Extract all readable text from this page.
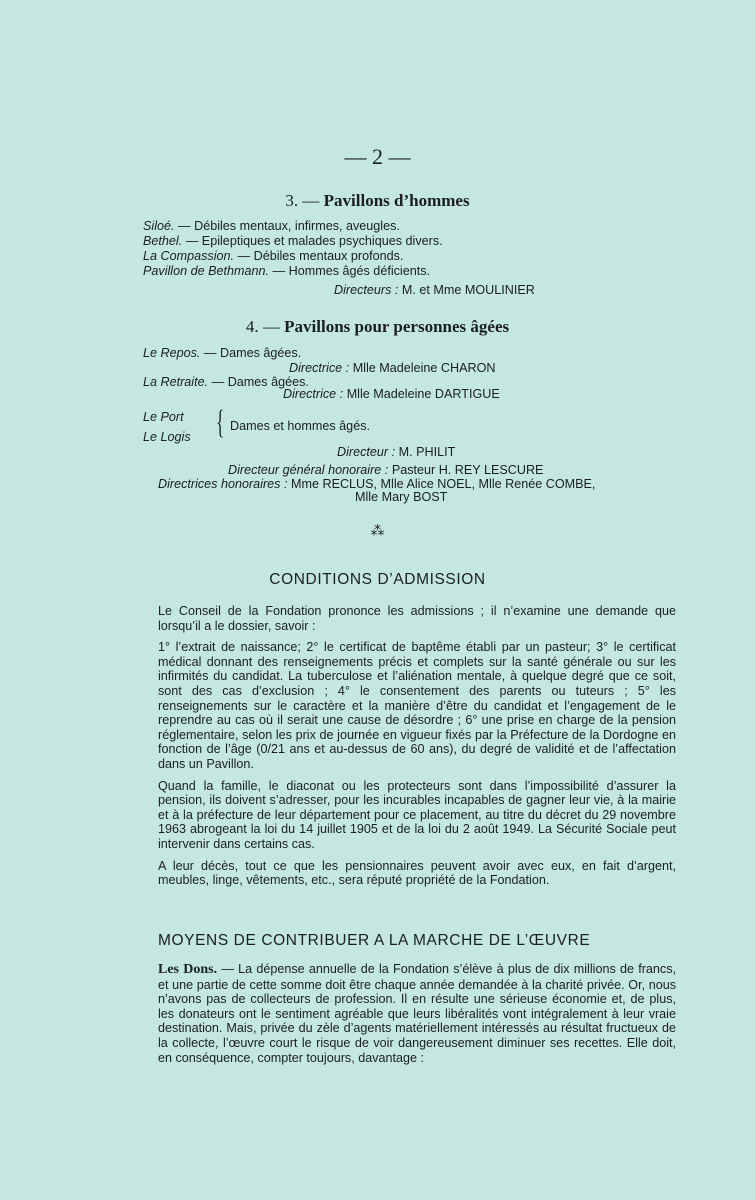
— 2 —
3. — Pavillons d’hommes
Siloé. — Débiles mentaux, infirmes, aveugles.
Bethel. — Epileptiques et malades psychiques divers.
La Compassion. — Débiles mentaux profonds.
Pavillon de Bethmann. — Hommes âgés déficients.
Directeurs : M. et Mme MOULINIER
4. — Pavillons pour personnes âgées
Le Repos. — Dames âgées.
Directrice : Mlle Madeleine CHARON
La Retraite. — Dames âgées.
Directrice : Mlle Madeleine DARTIGUE
Le Port
Le Logis { Dames et hommes âgés.
Directeur : M. PHILIT
Directeur général honoraire : Pasteur H. REY LESCURE
Directrices honoraires : Mme RECLUS, Mlle Alice NOEL, Mlle Renée COMBE,
Mlle Mary BOST
⁂
CONDITIONS D’ADMISSION

Le Conseil de la Fondation prononce les admissions ; il n’examine une demande que lorsqu’il a le dossier, savoir :

1° l’extrait de naissance; 2° le certificat de baptême établi par un pasteur; 3° le certificat médical donnant des renseignements précis et complets sur la santé générale ou sur les infirmités du candidat. La tuberculose et l’aliénation mentale, à quelque degré que ce soit, sont des cas d’exclusion ; 4° le consentement des parents ou tuteurs ; 5° les renseignements sur le caractère et la manière d’être du candidat et l’engagement de le reprendre au cas où il serait une cause de désordre ; 6° une prise en charge de la pension réglementaire, selon les prix de journée en vigueur fixés par la Préfecture de la Dordogne en fonction de l’âge (0/21 ans et au-dessus de 60 ans), du degré de validité et de l’affectation dans un Pavillon.

Quand la famille, le diaconat ou les protecteurs sont dans l’impossibilité d’assurer la pension, ils doivent s’adresser, pour les incurables incapables de gagner leur vie, à la mairie et à la préfecture de leur département pour ce placement, au titre du décret du 29 novembre 1963 abrogeant la loi du 14 juillet 1905 et de la loi du 2 août 1949. La Sécurité Sociale peut intervenir dans certains cas.

A leur décès, tout ce que les pensionnaires peuvent avoir avec eux, en fait d’argent, meubles, linge, vêtements, etc., sera réputé propriété de la Fondation.

MOYENS DE CONTRIBUER A LA MARCHE DE L’ŒUVRE

Les Dons. — La dépense annuelle de la Fondation s’élève à plus de dix millions de francs, et une partie de cette somme doit être chaque année demandée à la charité privée. Or, nous n’avons pas de collecteurs de profession. Il en résulte une sérieuse économie et, de plus, les donateurs ont le sentiment agréable que leurs libéralités vont intégralement à leur vraie destination. Mais, privée du zèle d’agents matériellement intéressés au résultat fructueux de la collecte, l’œuvre court le risque de voir dangereusement diminuer ses recettes. Elle doit, en conséquence, compter toujours, davantage :
